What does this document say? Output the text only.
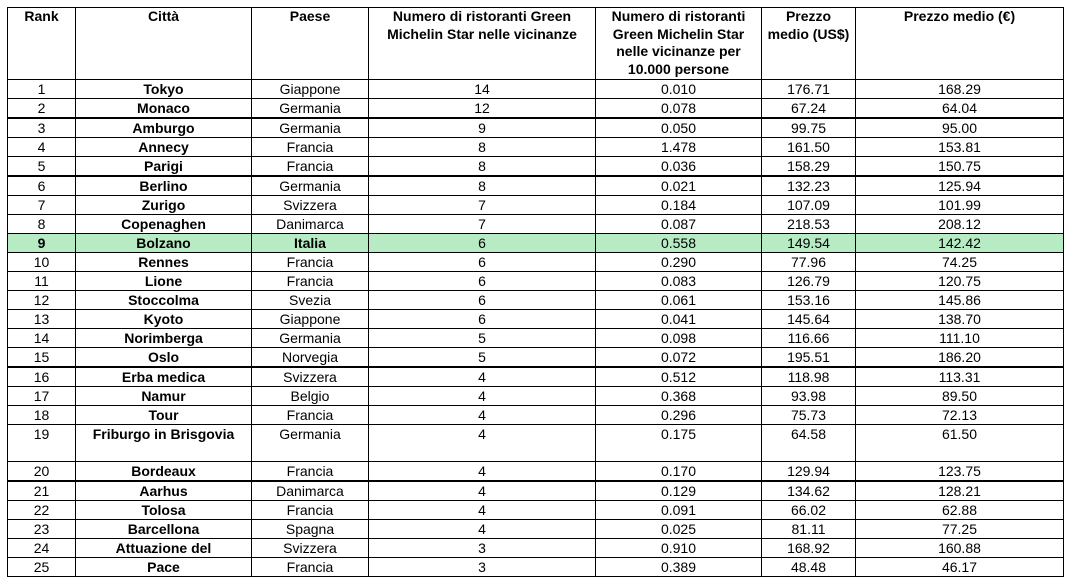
Rank	Città	Paese	Numero di ristoranti Green Michelin Star nelle vicinanze	Numero di ristoranti Green Michelin Star nelle vicinanze per 10.000 persone	Prezzo medio (US$)	Prezzo medio (€)
1	Tokyo	Giappone	14	0.010	176.71	168.29
2	Monaco	Germania	12	0.078	67.24	64.04
3	Amburgo	Germania	9	0.050	99.75	95.00
4	Annecy	Francia	8	1.478	161.50	153.81
5	Parigi	Francia	8	0.036	158.29	150.75
6	Berlino	Germania	8	0.021	132.23	125.94
7	Zurigo	Svizzera	7	0.184	107.09	101.99
8	Copenaghen	Danimarca	7	0.087	218.53	208.12
9	Bolzano	Italia	6	0.558	149.54	142.42
10	Rennes	Francia	6	0.290	77.96	74.25
11	Lione	Francia	6	0.083	126.79	120.75
12	Stoccolma	Svezia	6	0.061	153.16	145.86
13	Kyoto	Giappone	6	0.041	145.64	138.70
14	Norimberga	Germania	5	0.098	116.66	111.10
15	Oslo	Norvegia	5	0.072	195.51	186.20
16	Erba medica	Svizzera	4	0.512	118.98	113.31
17	Namur	Belgio	4	0.368	93.98	89.50
18	Tour	Francia	4	0.296	75.73	72.13
19	Friburgo in Brisgovia	Germania	4	0.175	64.58	61.50
20	Bordeaux	Francia	4	0.170	129.94	123.75
21	Aarhus	Danimarca	4	0.129	134.62	128.21
22	Tolosa	Francia	4	0.091	66.02	62.88
23	Barcellona	Spagna	4	0.025	81.11	77.25
24	Attuazione del	Svizzera	3	0.910	168.92	160.88
25	Pace	Francia	3	0.389	48.48	46.17
